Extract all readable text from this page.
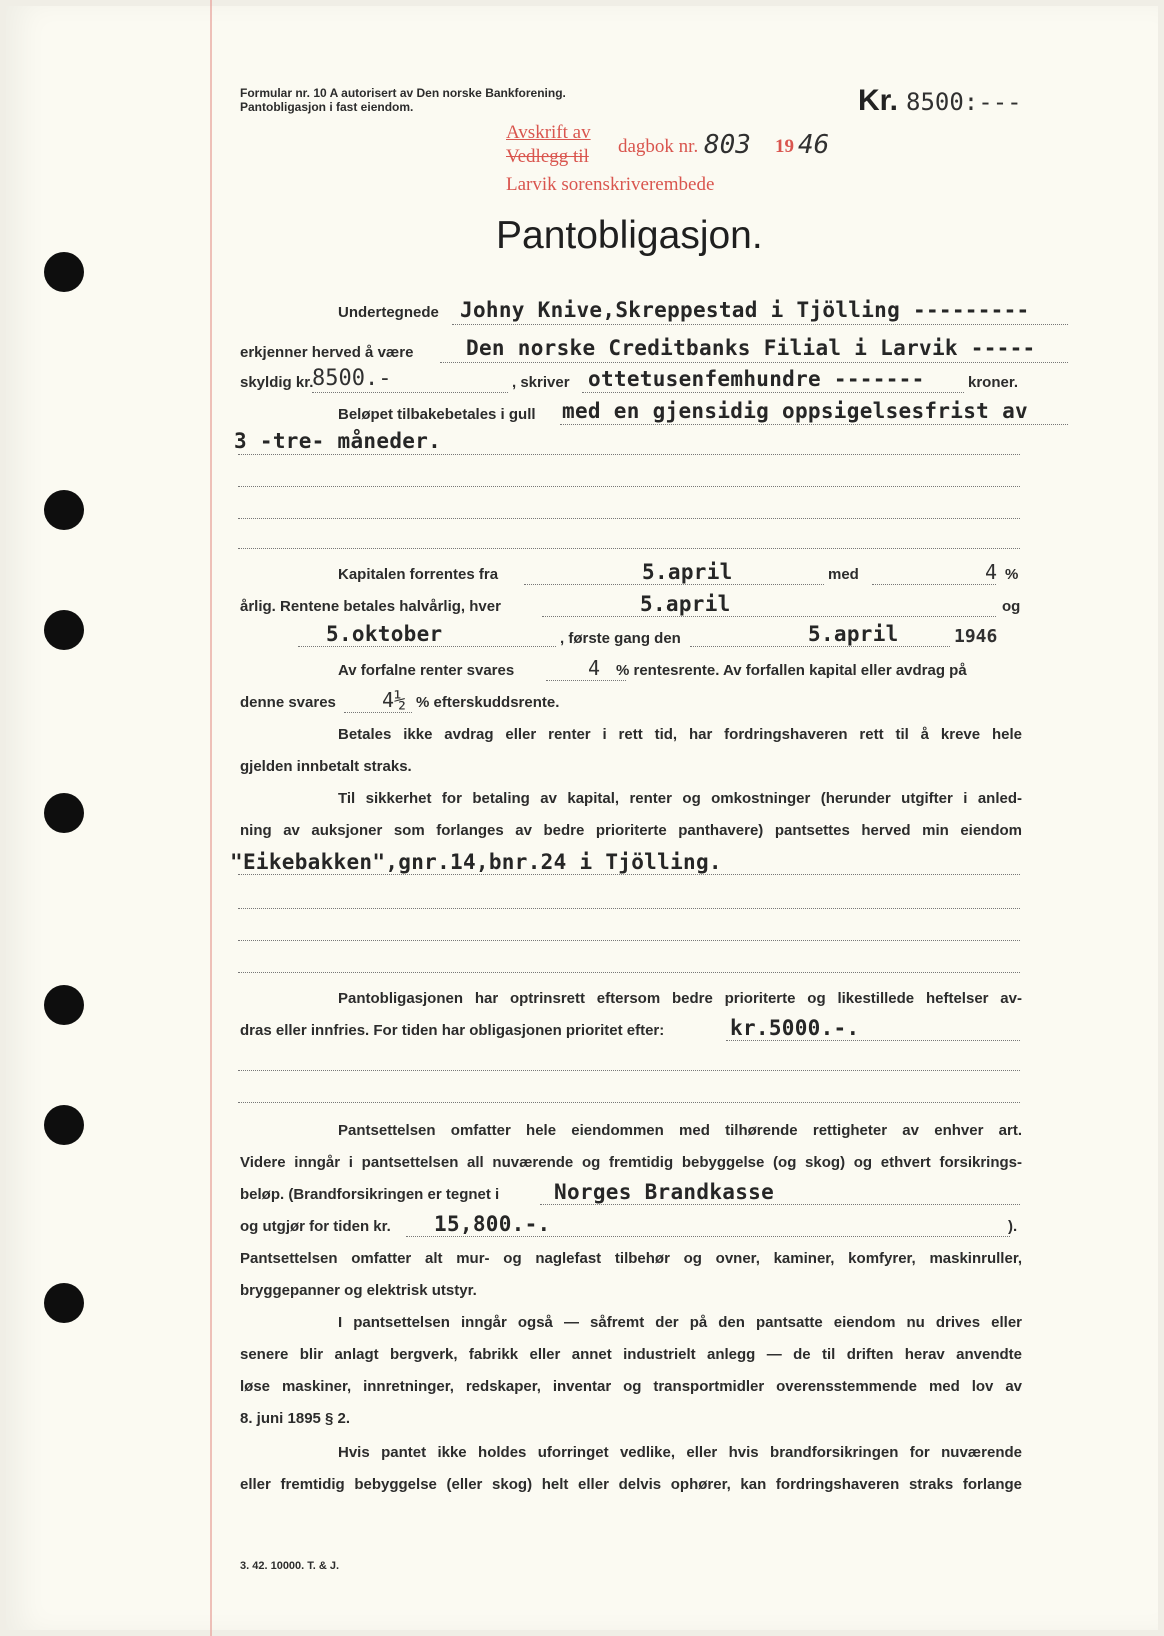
Formular nr. 10 A autorisert av Den norske Bankforening.
Pantobligasjon i fast eiendom.	Kr. 8500:---
Avskrift av
Vedlegg til dagbok nr. 803 19 46
Larvik sorenskriverembede
Pantobligasjon.
Undertegnede Johny Knive,Skreppestad i Tjölling ---------
erkjenner herved å være	Den norske Creditbanks Filial i Larvik -----
skyldig kr.
8500.-	, skriver ottetusenfemhundre -------	kroner.
Beløpet tilbakebetales i gull med en gjensidig oppsigelsesfrist av
3 -tre- måneder.
Kapitalen forrentes fra	5.april	med	4 %
årlig. Rentene betales halvårlig, hver	5.april	og
5.oktober	, første gang den	5.april	1946
Av forfalne renter svares	4 % rentesrente. Av forfallen kapital eller avdrag på
denne svares 4½ % efterskuddsrente.
Betales ikke avdrag eller renter i rett tid, har fordringshaveren rett til å kreve hele
gjelden innbetalt straks.
Til sikkerhet for betaling av kapital, renter og omkostninger (herunder utgifter i anled-
ning av auksjoner som forlanges av bedre prioriterte panthavere) pantsettes herved min eiendom
"Eikebakken",gnr.14,bnr.24 i Tjölling.
Pantobligasjonen har optrinsrett eftersom bedre prioriterte og likestillede heftelser av-
dras eller innfries. For tiden har obligasjonen prioritet efter:	kr.5000.-.
Pantsettelsen omfatter hele eiendommen med tilhørende rettigheter av enhver art.
Videre inngår i pantsettelsen all nuværende og fremtidig bebyggelse (og skog) og ethvert forsikrings-
beløp. (Brandforsikringen er tegnet i	Norges Brandkasse
og utgjør for tiden kr. 15,800.-.	).
Pantsettelsen omfatter alt mur- og naglefast tilbehør og ovner, kaminer, komfyrer, maskinruller,
bryggepanner og elektrisk utstyr.
I pantsettelsen inngår også — såfremt der på den pantsatte eiendom nu drives eller
senere blir anlagt bergverk, fabrikk eller annet industrielt anlegg — de til driften herav anvendte
løse maskiner, innretninger, redskaper, inventar og transportmidler overensstemmende med lov av
8. juni 1895 § 2.
Hvis pantet ikke holdes uforringet vedlike, eller hvis brandforsikringen for nuværende
eller fremtidig bebyggelse (eller skog) helt eller delvis ophører, kan fordringshaveren straks forlange
3. 42. 10000. T. & J.
